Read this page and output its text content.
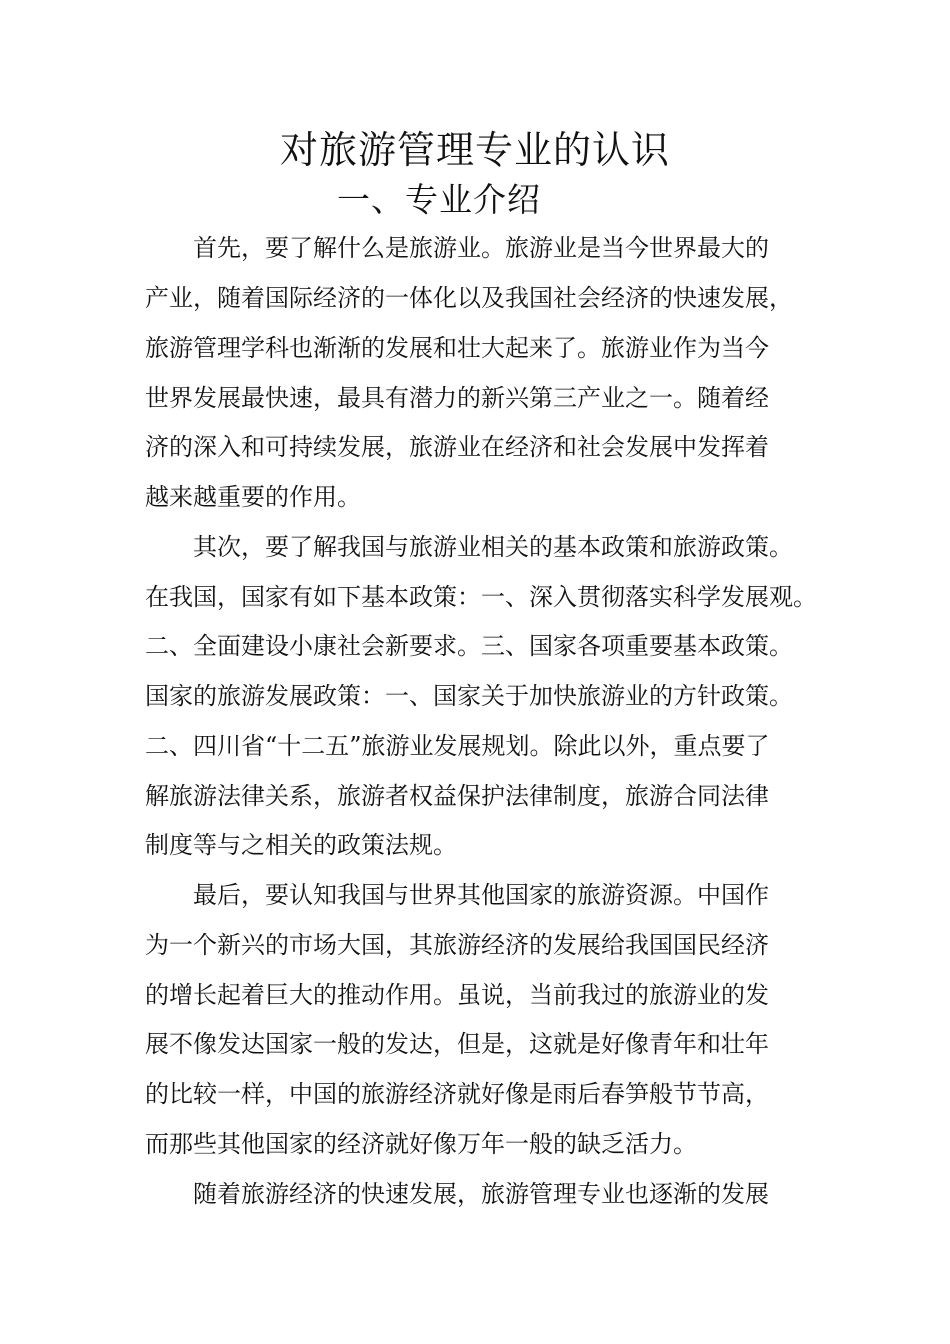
对旅游管理专业的认识
一、专业介绍
首先，要了解什么是旅游业。旅游业是当今世界最大的
产业，随着国际经济的一体化以及我国社会经济的快速发展，
旅游管理学科也渐渐的发展和壮大起来了。旅游业作为当今
世界发展最快速，最具有潜力的新兴第三产业之一。随着经
济的深入和可持续发展，旅游业在经济和社会发展中发挥着
越来越重要的作用。
其次，要了解我国与旅游业相关的基本政策和旅游政策。
在我国，国家有如下基本政策：一、深入贯彻落实科学发展观。
二、全面建设小康社会新要求。三、国家各项重要基本政策。
国家的旅游发展政策：一、国家关于加快旅游业的方针政策。
二、四川省“十二五”旅游业发展规划。除此以外，重点要了
解旅游法律关系，旅游者权益保护法律制度，旅游合同法律
制度等与之相关的政策法规。
最后，要认知我国与世界其他国家的旅游资源。中国作
为一个新兴的市场大国，其旅游经济的发展给我国国民经济
的增长起着巨大的推动作用。虽说，当前我过的旅游业的发
展不像发达国家一般的发达，但是，这就是好像青年和壮年
的比较一样，中国的旅游经济就好像是雨后春笋般节节高，
而那些其他国家的经济就好像万年一般的缺乏活力。
随着旅游经济的快速发展，旅游管理专业也逐渐的发展
